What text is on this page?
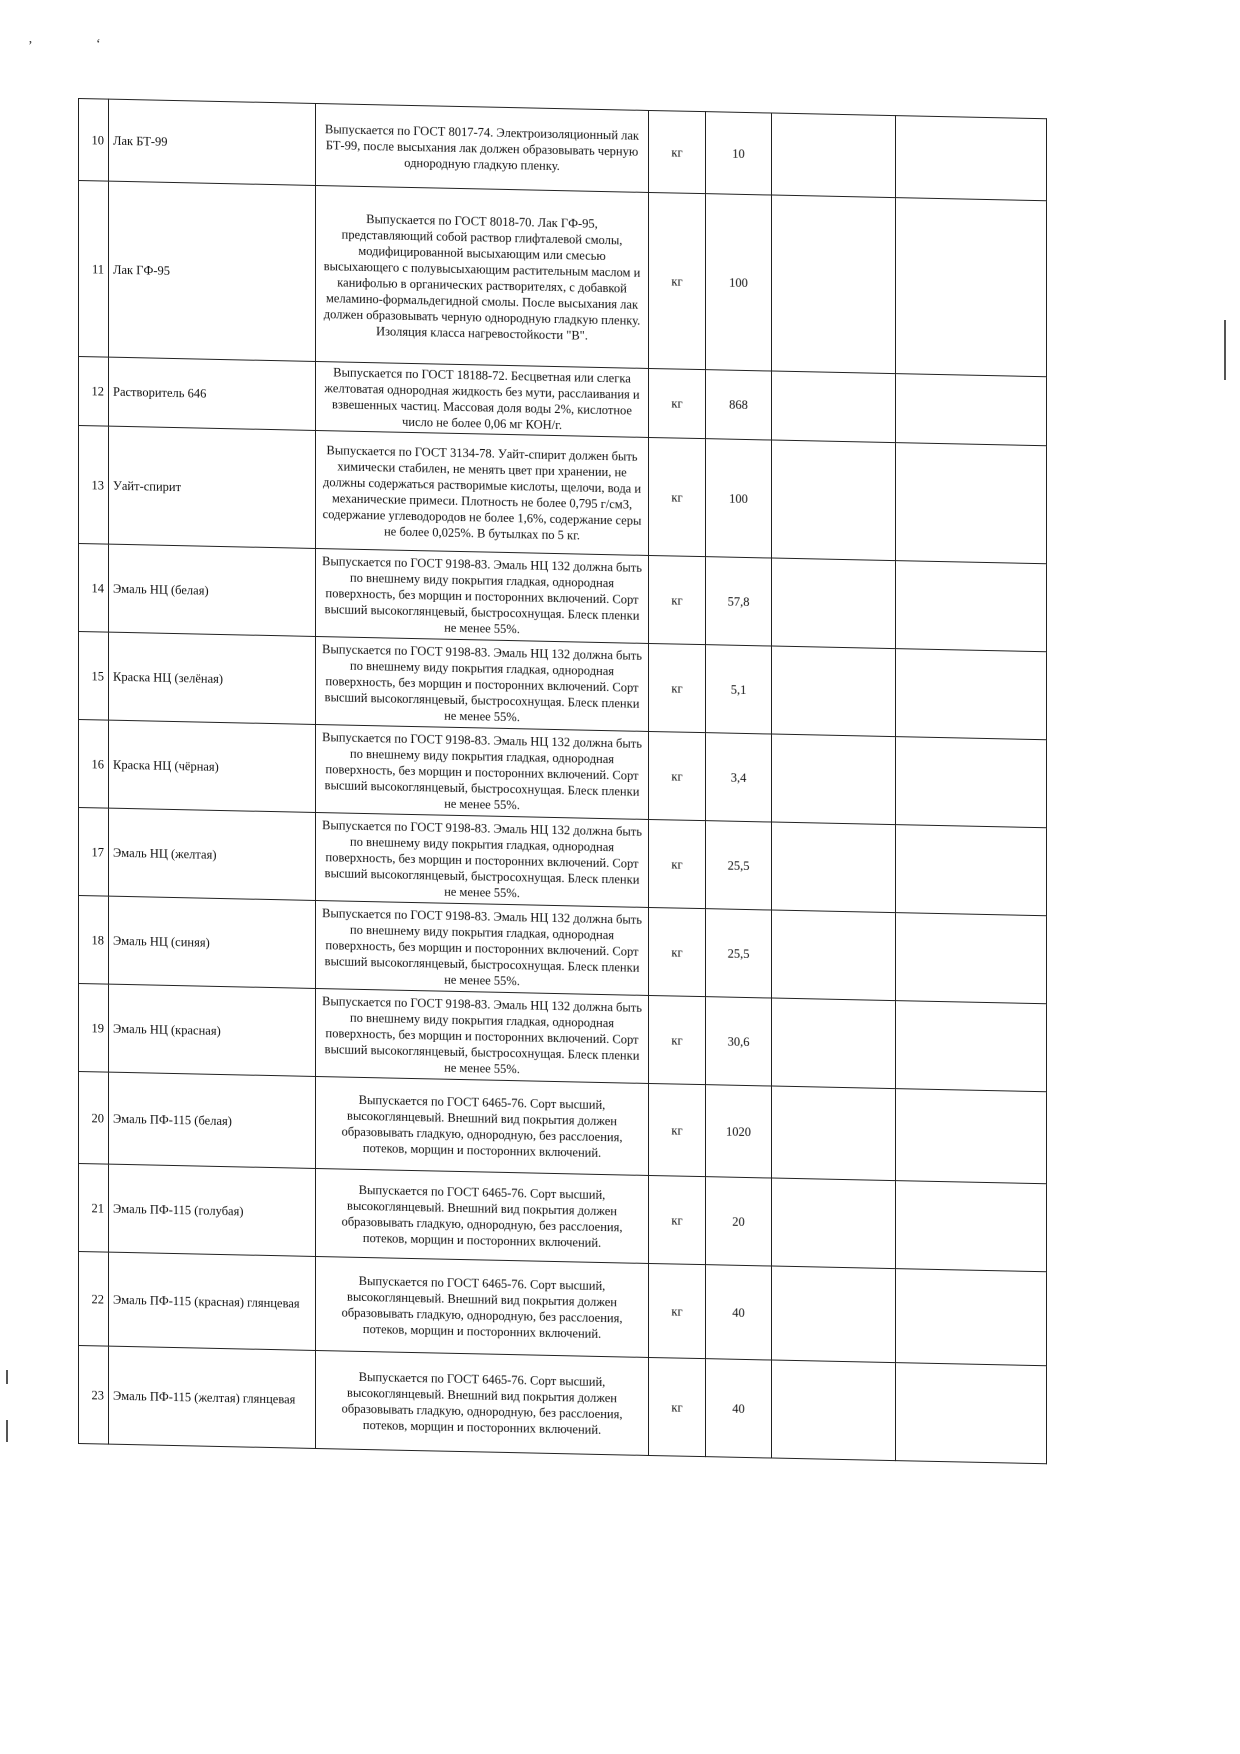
ʼ	ʻ
10	Лак БТ-99	Выпускается по ГОСТ 8017-74. Электроизоляционный лак БТ-99, после высыхания лак должен образовывать черную однородную гладкую пленку.	кг	10		
11	Лак ГФ-95	Выпускается по ГОСТ 8018-70. Лак ГФ-95, представляющий собой раствор глифталевой смолы, модифицированной высыхающим или смесью высыхающего с полувысыхающим растительным маслом и канифолью в органических растворителях, с добавкой меламино-формальдегидной смолы. После высыхания лак должен образовывать черную однородную гладкую пленку. Изоляция класса нагревостойкости "В".	кг	100		
12	Растворитель 646	Выпускается по ГОСТ 18188-72. Бесцветная или слегка желтоватая однородная жидкость без мути, расслаивания и взвешенных частиц. Массовая доля воды 2%, кислотное число не более 0,06 мг КОН/г.	кг	868		
13	Уайт-спирит	Выпускается по ГОСТ 3134-78. Уайт-спирит должен быть химически стабилен, не менять цвет при хранении, не должны содержаться растворимые кислоты, щелочи, вода и механические примеси. Плотность не более 0,795 г/см3, содержание углеводородов не более 1,6%, содержание серы не более 0,025%. В бутылках по 5 кг.	кг	100		
14	Эмаль НЦ (белая)	Выпускается по ГОСТ 9198-83. Эмаль НЦ 132 должна быть по внешнему виду покрытия гладкая, однородная поверхность, без морщин и посторонних включений. Сорт высший высокоглянцевый, быстросохнущая. Блеск пленки не менее 55%.	кг	57,8		
15	Краска НЦ (зелёная)	Выпускается по ГОСТ 9198-83. Эмаль НЦ 132 должна быть по внешнему виду покрытия гладкая, однородная поверхность, без морщин и посторонних включений. Сорт высший высокоглянцевый, быстросохнущая. Блеск пленки не менее 55%.	кг	5,1		
16	Краска НЦ (чёрная)	Выпускается по ГОСТ 9198-83. Эмаль НЦ 132 должна быть по внешнему виду покрытия гладкая, однородная поверхность, без морщин и посторонних включений. Сорт высший высокоглянцевый, быстросохнущая. Блеск пленки не менее 55%.	кг	3,4		
17	Эмаль НЦ (желтая)	Выпускается по ГОСТ 9198-83. Эмаль НЦ 132 должна быть по внешнему виду покрытия гладкая, однородная поверхность, без морщин и посторонних включений. Сорт высший высокоглянцевый, быстросохнущая. Блеск пленки не менее 55%.	кг	25,5		
18	Эмаль НЦ (синяя)	Выпускается по ГОСТ 9198-83. Эмаль НЦ 132 должна быть по внешнему виду покрытия гладкая, однородная поверхность, без морщин и посторонних включений. Сорт высший высокоглянцевый, быстросохнущая. Блеск пленки не менее 55%.	кг	25,5		
19	Эмаль НЦ (красная)	Выпускается по ГОСТ 9198-83. Эмаль НЦ 132 должна быть по внешнему виду покрытия гладкая, однородная поверхность, без морщин и посторонних включений. Сорт высший высокоглянцевый, быстросохнущая. Блеск пленки не менее 55%.	кг	30,6		
20	Эмаль ПФ-115 (белая)	Выпускается по ГОСТ 6465-76. Сорт высший, высокоглянцевый. Внешний вид покрытия должен образовывать гладкую, однородную, без расслоения, потеков, морщин и посторонних включений.	кг	1020		
21	Эмаль ПФ-115 (голубая)	Выпускается по ГОСТ 6465-76. Сорт высший, высокоглянцевый. Внешний вид покрытия должен образовывать гладкую, однородную, без расслоения, потеков, морщин и посторонних включений.	кг	20		
22	Эмаль ПФ-115 (красная) глянцевая	Выпускается по ГОСТ 6465-76. Сорт высший, высокоглянцевый. Внешний вид покрытия должен образовывать гладкую, однородную, без расслоения, потеков, морщин и посторонних включений.	кг	40		
23	Эмаль ПФ-115 (желтая) глянцевая	Выпускается по ГОСТ 6465-76. Сорт высший, высокоглянцевый. Внешний вид покрытия должен образовывать гладкую, однородную, без расслоения, потеков, морщин и посторонних включений.	кг	40		
